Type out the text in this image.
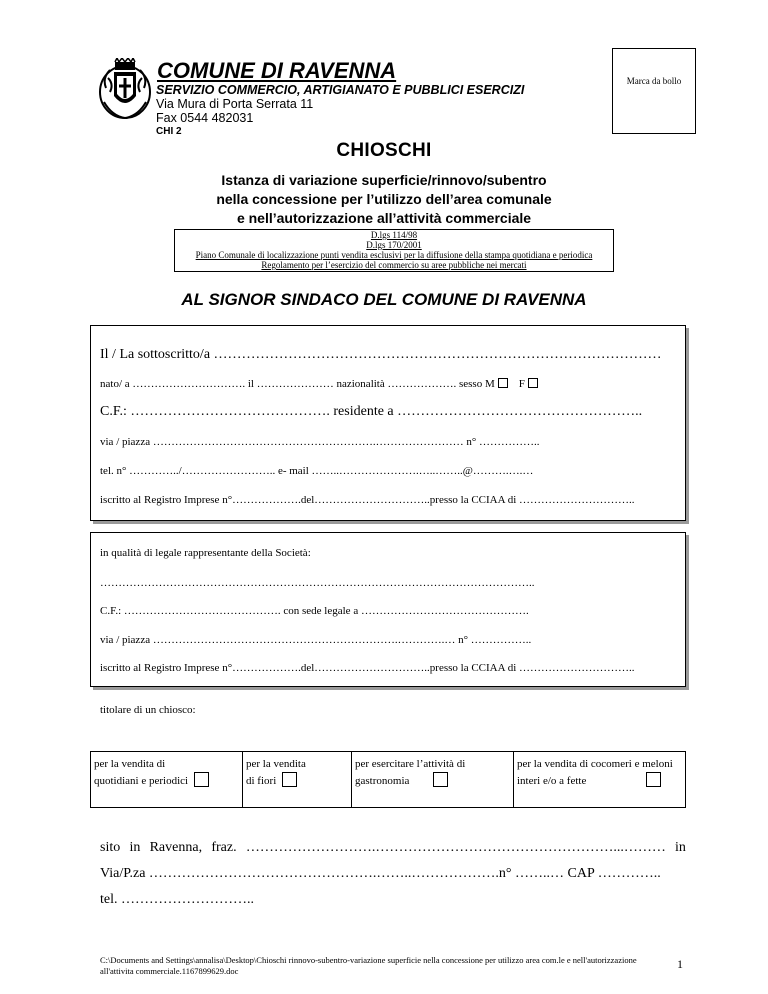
COMUNE DI RAVENNA
SERVIZIO COMMERCIO, ARTIGIANATO E PUBBLICI ESERCIZI
Via Mura di Porta Serrata 11
Fax 0544 482031
CHI 2
Marca da bollo
CHIOSCHI
Istanza di variazione superficie/rinnovo/subentro
nella concessione per l’utilizzo dell’area comunale
e nell’autorizzazione all’attività commerciale
D.lgs 114/98
D.lgs 170/2001
Piano Comunale di localizzazione punti vendita esclusivi per la diffusione della stampa quotidiana e periodica
Regolamento per l’esercizio del commercio su aree pubbliche nei mercati
AL SIGNOR SINDACO DEL COMUNE DI RAVENNA
Il / La sottoscritto/a ……………………………………………………………………………………
nato/ a …………………………. il ………………… nazionalità ………………. sesso M F
C.F.: ……………………………………. residente a ……………………………………………..
via / piazza …………………………………………………….…………………… n° ……………..
tel. n° …………../…………………….. e- mail ……..………………….…..……..@……….….…
iscritto al Registro Imprese n°……………….del…………………………..presso la CCIAA di …………………………..
in qualità di legale rappresentante della Società:
………………………………………………………………………………………………………..
C.F.: ……………………………………. con sede legale a ……………………………………….
via / piazza ………………………………………………………….………….… n° ……………..
iscritto al Registro Imprese n°……………….del…………………………..presso la CCIAA di …………………………..
titolare di un chiosco:
per la vendita di
quotidiani e periodici

per la vendita
di fiori

per esercitare l’attività di
gastronomia

per la vendita di cocomeri e meloni
interi e/o a fette
sito in Ravenna, fraz. ……………………….……………………………………………...……… in
Via/P.za ………………………………………….……..……………….n° ……..… CAP …………..
tel. ………………………..
C:\Documents and Settings\annalisa\Desktop\Chioschi rinnovo-subentro-variazione superficie nella concessione per utilizzo area com.le e nell'autorizzazione all'attivita commerciale.1167899629.doc	1
